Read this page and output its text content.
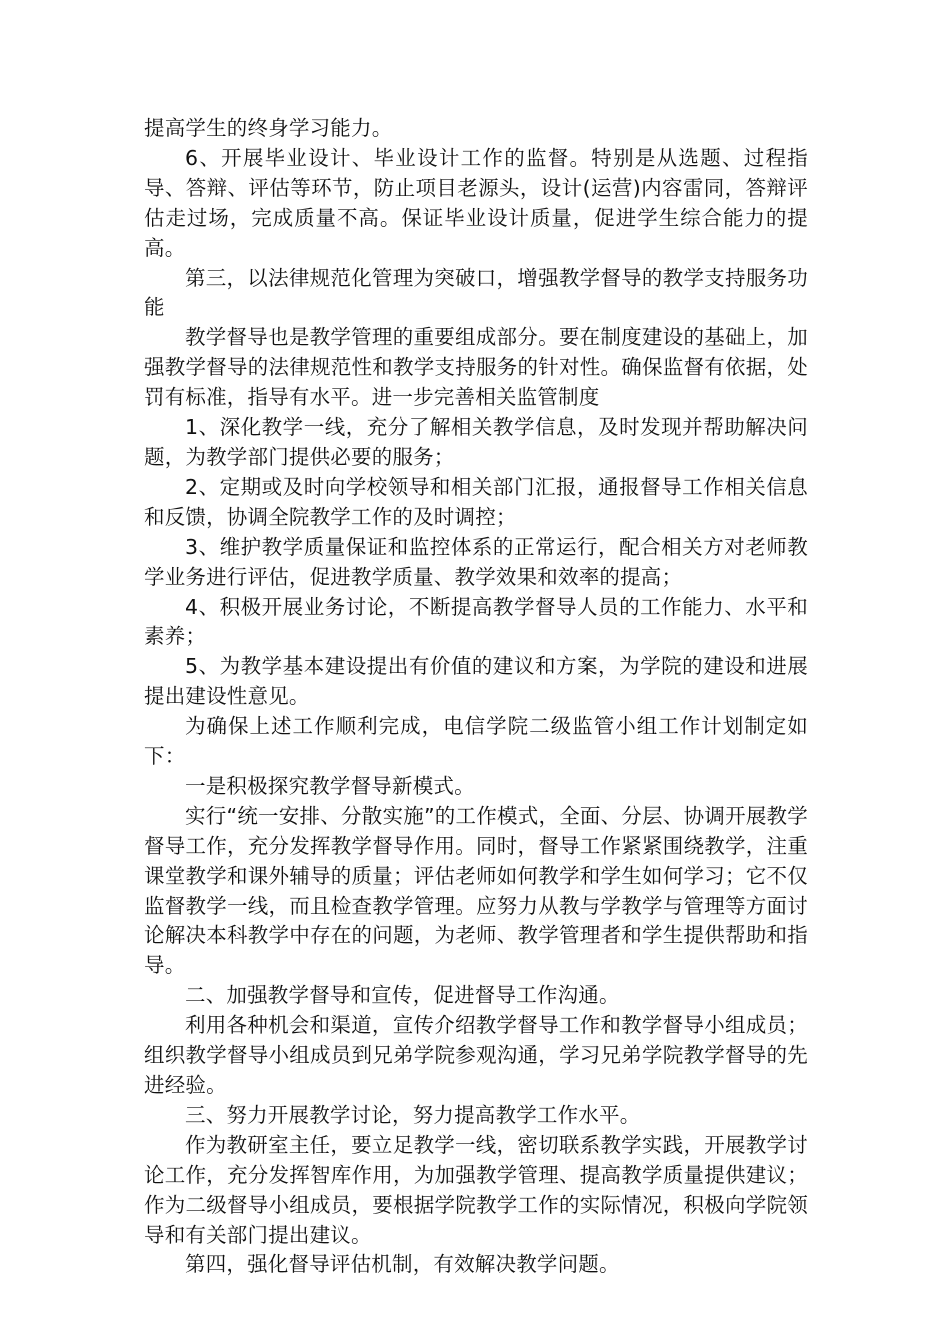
提高学生的终身学习能力。

6、开展毕业设计、毕业设计工作的监督。特别是从选题、过程指导、答辩、评估等环节，防止项目老源头，设计(运营)内容雷同，答辩评估走过场，完成质量不高。保证毕业设计质量，促进学生综合能力的提高。

第三，以法律规范化管理为突破口，增强教学督导的教学支持服务功能

教学督导也是教学管理的重要组成部分。要在制度建设的基础上，加强教学督导的法律规范性和教学支持服务的针对性。确保监督有依据，处罚有标准，指导有水平。进一步完善相关监管制度

1、深化教学一线，充分了解相关教学信息，及时发现并帮助解决问题，为教学部门提供必要的服务；

2、定期或及时向学校领导和相关部门汇报，通报督导工作相关信息和反馈，协调全院教学工作的及时调控；

3、维护教学质量保证和监控体系的正常运行，配合相关方对老师教学业务进行评估，促进教学质量、教学效果和效率的提高；

4、积极开展业务讨论，不断提高教学督导人员的工作能力、水平和素养；

5、为教学基本建设提出有价值的建议和方案，为学院的建设和进展提出建设性意见。

为确保上述工作顺利完成，电信学院二级监管小组工作计划制定如下：

一是积极探究教学督导新模式。

实行“统一安排、分散实施”的工作模式，全面、分层、协调开展教学督导工作，充分发挥教学督导作用。同时，督导工作紧紧围绕教学，注重课堂教学和课外辅导的质量；评估老师如何教学和学生如何学习；它不仅监督教学一线，而且检查教学管理。应努力从教与学教学与管理等方面讨论解决本科教学中存在的问题，为老师、教学管理者和学生提供帮助和指导。

二、加强教学督导和宣传，促进督导工作沟通。

利用各种机会和渠道，宣传介绍教学督导工作和教学督导小组成员；组织教学督导小组成员到兄弟学院参观沟通，学习兄弟学院教学督导的先进经验。

三、努力开展教学讨论，努力提高教学工作水平。

作为教研室主任，要立足教学一线，密切联系教学实践，开展教学讨论工作，充分发挥智库作用，为加强教学管理、提高教学质量提供建议；作为二级督导小组成员，要根据学院教学工作的实际情况，积极向学院领导和有关部门提出建议。

第四，强化督导评估机制，有效解决教学问题。
